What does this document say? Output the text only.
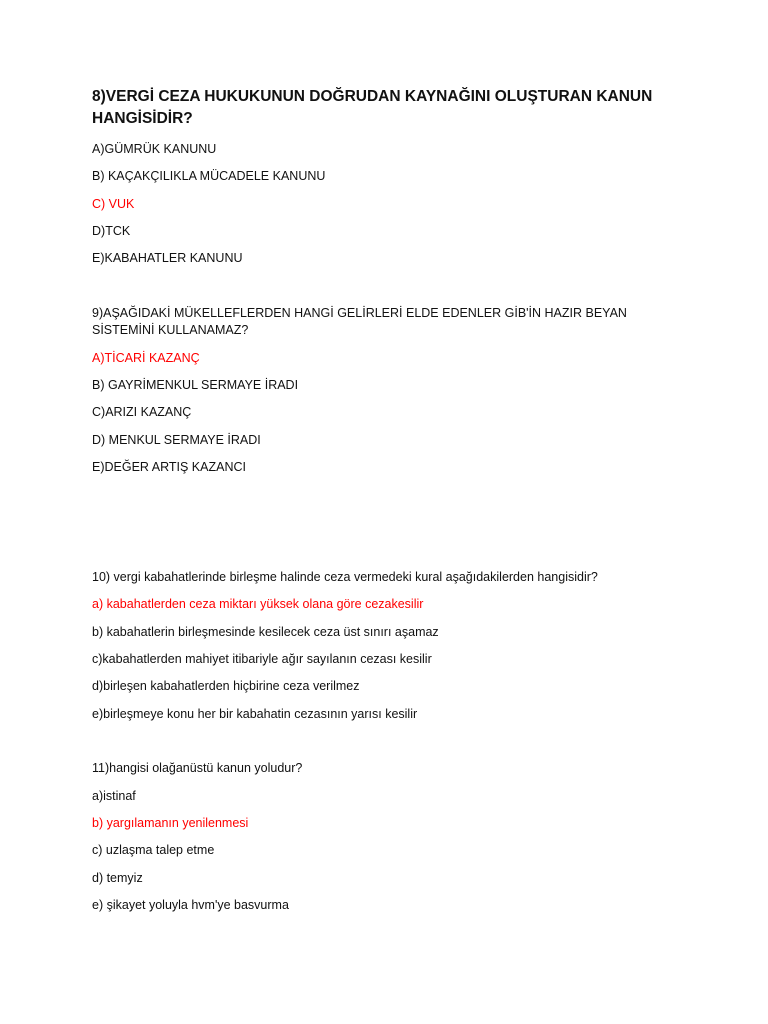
8)VERGİ CEZA HUKUKUNUN DOĞRUDAN KAYNAĞINI OLUŞTURAN KANUN HANGİSİDİR?

A)GÜMRÜK KANUNU

B) KAÇAKÇILIKLA MÜCADELE KANUNU

C) VUK

D)TCK

E)KABAHATLER KANUNU

9)AŞAĞIDAKİ MÜKELLEFLERDEN HANGİ GELİRLERİ ELDE EDENLER GİB'İN HAZIR BEYAN SİSTEMİNİ KULLANAMAZ?

A)TİCARİ KAZANÇ

B) GAYRİMENKUL SERMAYE İRADI

C)ARIZI KAZANÇ

D) MENKUL SERMAYE İRADI

E)DEĞER ARTIŞ KAZANCI

10) vergi kabahatlerinde birleşme halinde ceza vermedeki kural aşağıdakilerden hangisidir?

a) kabahatlerden ceza miktarı yüksek olana göre cezakesilir

b) kabahatlerin birleşmesinde kesilecek ceza üst sınırı aşamaz

c)kabahatlerden mahiyet itibariyle ağır sayılanın cezası kesilir

d)birleşen kabahatlerden hiçbirine ceza verilmez

e)birleşmeye konu her bir kabahatin cezasının yarısı kesilir

11)hangisi olağanüstü kanun yoludur?

a)istinaf

b) yargılamanın yenilenmesi

c) uzlaşma talep etme

d) temyiz

e) şikayet yoluyla hvm'ye basvurma
